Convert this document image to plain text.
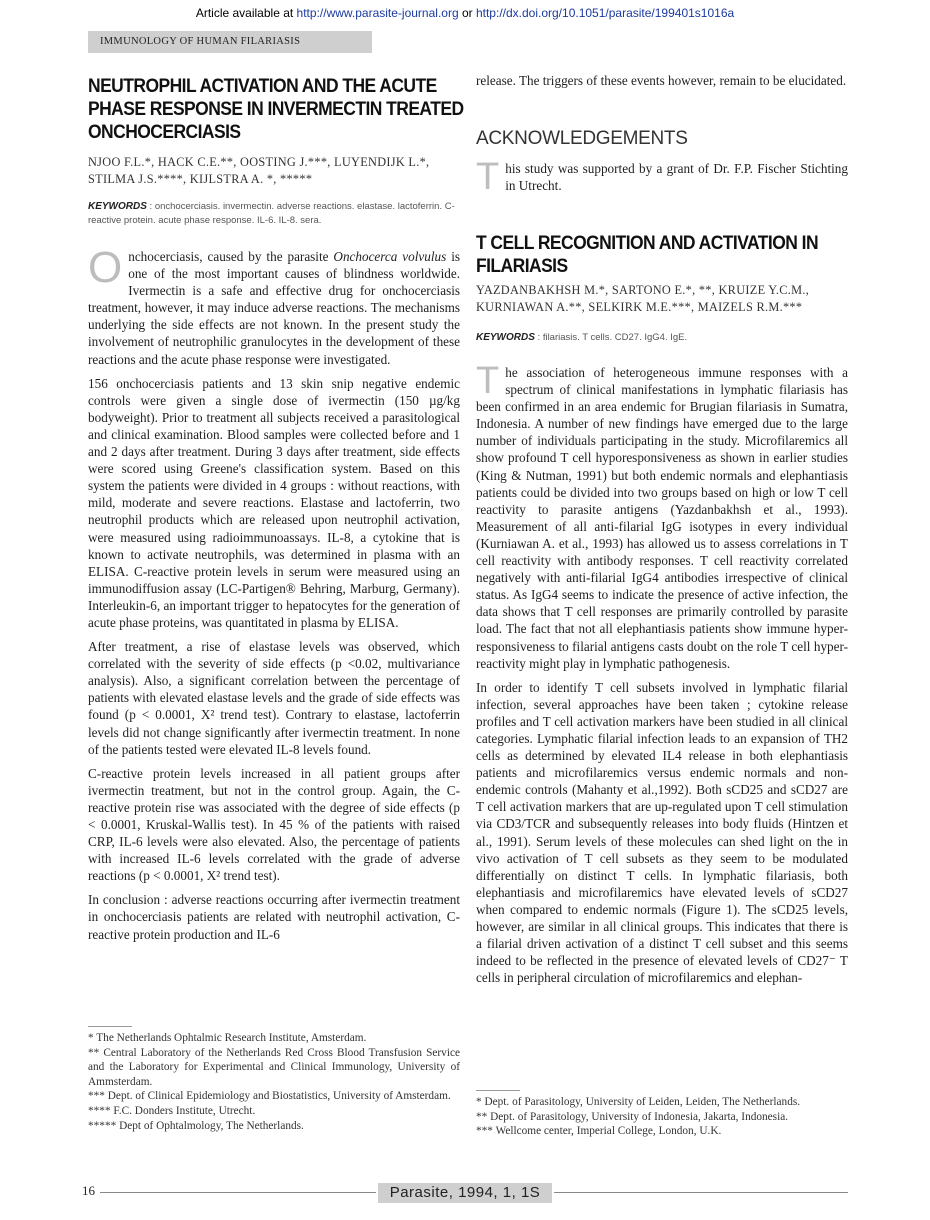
Article available at http://www.parasite-journal.org or http://dx.doi.org/10.1051/parasite/199401s1016a
IMMUNOLOGY OF HUMAN FILARIASIS
NEUTROPHIL ACTIVATION AND THE ACUTE PHASE RESPONSE IN INVERMECTIN TREATED ONCHOCERCIASIS

NJOO F.L.*, HACK C.E.**, OOSTING J.***, LUYENDIJK L.*, STILMA J.S.****, KIJLSTRA A. *, *****

KEYWORDS : onchocerciasis. invermectin. adverse reactions. elastase. lactoferrin. C-reactive protein. acute phase response. IL-6. IL-8. sera.

Onchocerciasis, caused by the parasite Onchocerca volvulus is one of the most important causes of blindness worldwide. Ivermectin is a safe and effective drug for onchocerciasis treatment, however, it may induce adverse reactions. The mechanisms underlying the side effects are not known. In the present study the involvement of neutrophilic granulocytes in the development of these reactions and the acute phase response were investigated.

156 onchocerciasis patients and 13 skin snip negative endemic controls were given a single dose of ivermectin (150 µg/kg bodyweight). Prior to treatment all subjects received a parasitological and clinical examination. Blood samples were collected before and 1 and 2 days after treatment. During 3 days after treatment, side effects were scored using Greene's classification system. Based on this system the patients were divided in 4 groups : without reactions, with mild, moderate and severe reactions. Elastase and lactoferrin, two neutrophil products which are released upon neutrophil activation, were measured using radioimmunoassays. IL-8, a cytokine that is known to activate neutrophils, was determined in plasma with an ELISA. C-reactive protein levels in serum were measured using an immunodiffusion assay (LC-Partigen® Behring, Marburg, Germany). Interleukin-6, an important trigger to hepatocytes for the generation of acute phase proteins, was quantitated in plasma by ELISA.

After treatment, a rise of elastase levels was observed, which correlated with the severity of side effects (p <0.02, multivariance analysis). Also, a significant correlation between the percentage of patients with elevated elastase levels and the grade of side effects was found (p < 0.0001, X² trend test). Contrary to elastase, lactoferrin levels did not change significantly after ivermectin treatment. In none of the patients tested were elevated IL-8 levels found.

C-reactive protein levels increased in all patient groups after ivermectin treatment, but not in the control group. Again, the C-reactive protein rise was associated with the degree of side effects (p < 0.0001, Kruskal-Wallis test). In 45 % of the patients with raised CRP, IL-6 levels were also elevated. Also, the percentage of patients with increased IL-6 levels correlated with the grade of adverse reactions (p < 0.0001, X² trend test).

In conclusion : adverse reactions occurring after ivermectin treatment in onchocerciasis patients are related with neutrophil activation, C-reactive protein production and IL-6

* The Netherlands Ophtalmic Research Institute, Amsterdam.

** Central Laboratory of the Netherlands Red Cross Blood Transfusion Service and the Laboratory for Experimental and Clinical Immunology, University of Ammsterdam.

*** Dept. of Clinical Epidemiology and Biostatistics, University of Amsterdam.

**** F.C. Donders Institute, Utrecht.

***** Dept of Ophtalmology, The Netherlands.

release. The triggers of these events however, remain to be elucidated.

ACKNOWLEDGEMENTS

This study was supported by a grant of Dr. F.P. Fischer Stichting in Utrecht.

T CELL RECOGNITION AND ACTIVATION IN FILARIASIS

YAZDANBAKHSH M.*, SARTONO E.*, **, KRUIZE Y.C.M., KURNIAWAN A.**, SELKIRK M.E.***, MAIZELS R.M.***

KEYWORDS : filariasis. T cells. CD27. IgG4. IgE.

The association of heterogeneous immune responses with a spectrum of clinical manifestations in lymphatic filariasis has been confirmed in an area endemic for Brugian filariasis in Sumatra, Indonesia. A number of new findings have emerged due to the large number of individuals participating in the study. Microfilaremics all show profound T cell hyporesponsiveness as shown in earlier studies (King & Nutman, 1991) but both endemic normals and elephantiasis patients could be divided into two groups based on high or low T cell reactivity to parasite antigens (Yazdanbakhsh et al., 1993). Measurement of all anti-filarial IgG isotypes in every individual (Kurniawan A. et al., 1993) has allowed us to assess correlations in T cell reactivity with antibody responses. T cell reactivity correlated negatively with anti-filarial IgG4 antibodies irrespective of clinical status. As IgG4 seems to indicate the presence of active infection, the data shows that T cell responses are primarily controlled by parasite load. The fact that not all elephantiasis patients show immune hyper-responsiveness to filarial antigens casts doubt on the role T cell hyper-reactivity might play in lymphatic pathogenesis.

In order to identify T cell subsets involved in lymphatic filarial infection, several approaches have been taken ; cytokine release profiles and T cell activation markers have been studied in all clinical categories. Lymphatic filarial infection leads to an expansion of TH2 cells as determined by elevated IL4 release in both elephantiasis patients and microfilaremics versus endemic normals and non-endemic controls (Mahanty et al.,1992). Both sCD25 and sCD27 are T cell activation markers that are up-regulated upon T cell stimulation via CD3/TCR and subsequently releases into body fluids (Hintzen et al., 1991). Serum levels of these molecules can shed light on the in vivo activation of T cell subsets as they seem to be modulated differentially on distinct T cells. In lymphatic filariasis, both elephantiasis and microfilaremics have elevated levels of sCD27 when compared to endemic normals (Figure 1). The sCD25 levels, however, are similar in all clinical groups. This indicates that there is a filarial driven activation of a distinct T cell subset and this seems indeed to be reflected in the presence of elevated levels of CD27⁻ T cells in peripheral circulation of microfilaremics and elephan-

* Dept. of Parasitology, University of Leiden, Leiden, The Netherlands.

** Dept. of Parasitology, University of Indonesia, Jakarta, Indonesia.

*** Wellcome center, Imperial College, London, U.K.

16	Parasite, 1994, 1, 1S
